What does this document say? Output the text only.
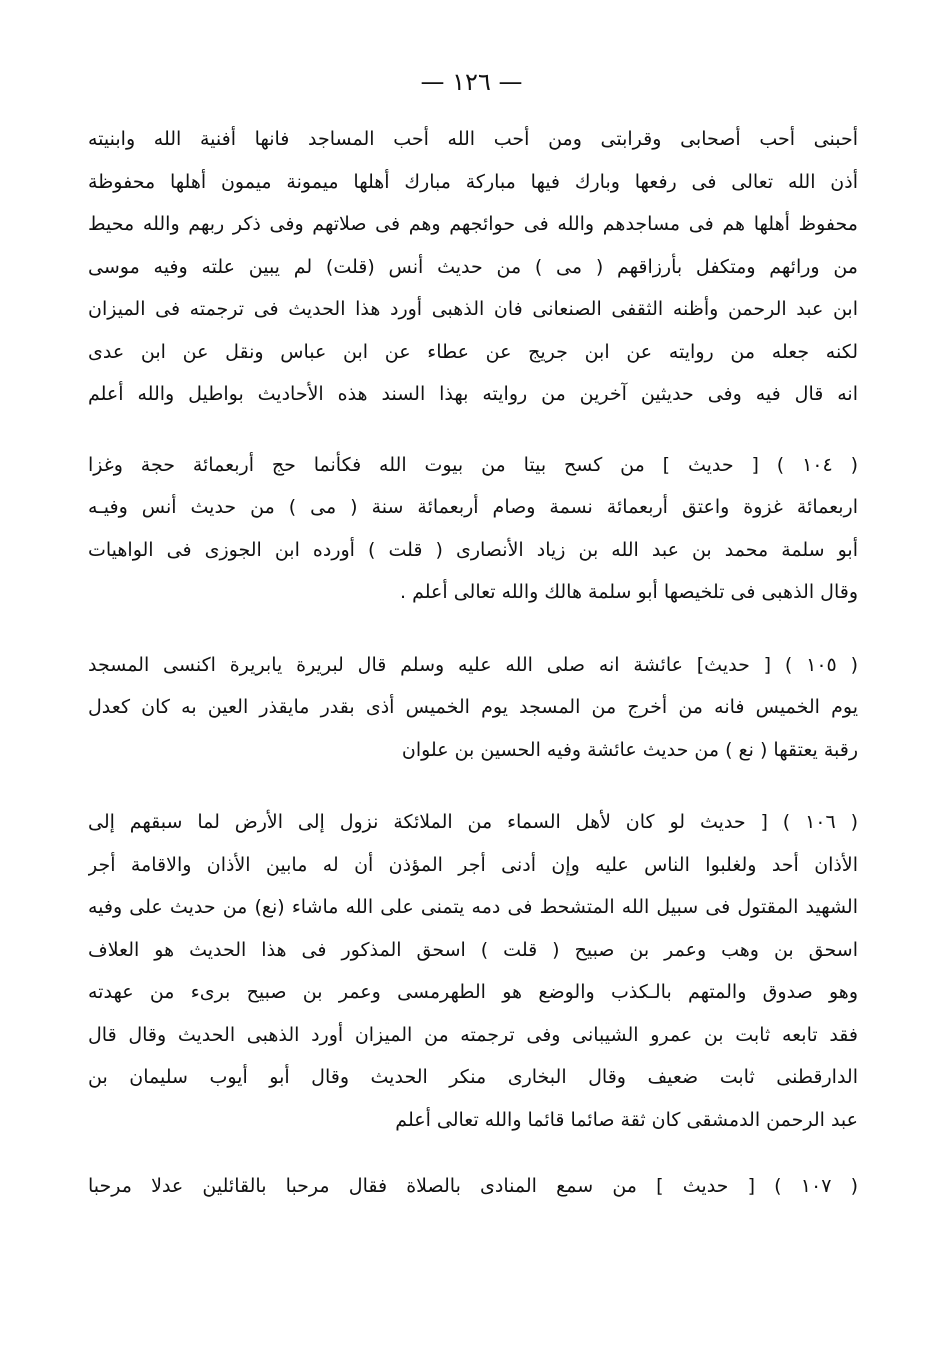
— ١٢٦ —
أحبنى أحب أصحابى وقرابتى ومن أحب الله أحب المساجد فانها أفنية الله وابنيته
أذن الله تعالى فى رفعها وبارك فيها مباركة مبارك أهلها ميمونة ميمون أهلها محفوظة
محفوظ أهلها هم فى مساجدهم والله فى حوائجهم وهم فى صلاتهم وفى ذكر ربهم والله محيط
من ورائهم ومتكفل بأرزاقهم ( مى ) من حديث أنس (قلت) لم يبين علته وفيه موسى
ابن عبد الرحمن وأظنه الثقفى الصنعانى فان الذهبى أورد هذا الحديث فى ترجمته فى الميزان
لكنه جعله من روايته عن ابن جريج عن عطاء عن ابن عباس ونقل عن ابن عدى
انه قال فيه وفى حديثين آخرين من روايته بهذا السند هذه الأحاديث بواطيل والله أعلم
( ١٠٤ ) [ حديث ] من كسح بيتا من بيوت الله فكأنما حج أربعمائة حجة وغزا
اربعمائة غزوة واعتق أربعمائة نسمة وصام أربعمائة سنة ( مى ) من حديث أنس وفيـه
أبو سلمة محمد بن عبد الله بن زياد الأنصارى ( قلت ) أورده ابن الجوزى فى الواهيات
وقال الذهبى فى تلخيصها أبو سلمة هالك والله تعالى أعلم .
( ١٠٥ ) [ حديث] عائشة انه صلى الله عليه وسلم قال لبريرة يابريرة اكنسى المسجد
يوم الخميس فانه من أخرج من المسجد يوم الخميس أذى بقدر مايقذر العين به كان كعدل
رقبة يعتقها ( نع ) من حديث عائشة وفيه الحسين بن علوان
( ١٠٦ ) [ حديث لو كان لأهل السماء من الملائكة نزول إلى الأرض لما سبقهم إلى
الأذان أحد ولغلبوا الناس عليه وإن أدنى أجر المؤذن أن له مابين الأذان والاقامة أجر
الشهيد المقتول فى سبيل الله المتشحط فى دمه يتمنى على الله ماشاء (نع) من حديث على وفيه
اسحق بن وهب وعمر بن صبيح ( قلت ) اسحق المذكور فى هذا الحديث هو العلاف
وهو صدوق والمتهم بالـكذب والوضع هو الطهرمسى وعمر بن صبيح برىء من عهدته
فقد تابعه ثابت بن عمرو الشيبانى وفى ترجمته من الميزان أورد الذهبى الحديث وقال قال
الدارقطنى ثابت ضعيف وقال البخارى منكر الحديث وقال أبو أيوب سليمان بن
عبد الرحمن الدمشقى كان ثقة صائما قائما والله تعالى أعلم
( ١٠٧ ) [ حديث ] من سمع المنادى بالصلاة فقال مرحبا بالقائلين عدلا مرحبا
